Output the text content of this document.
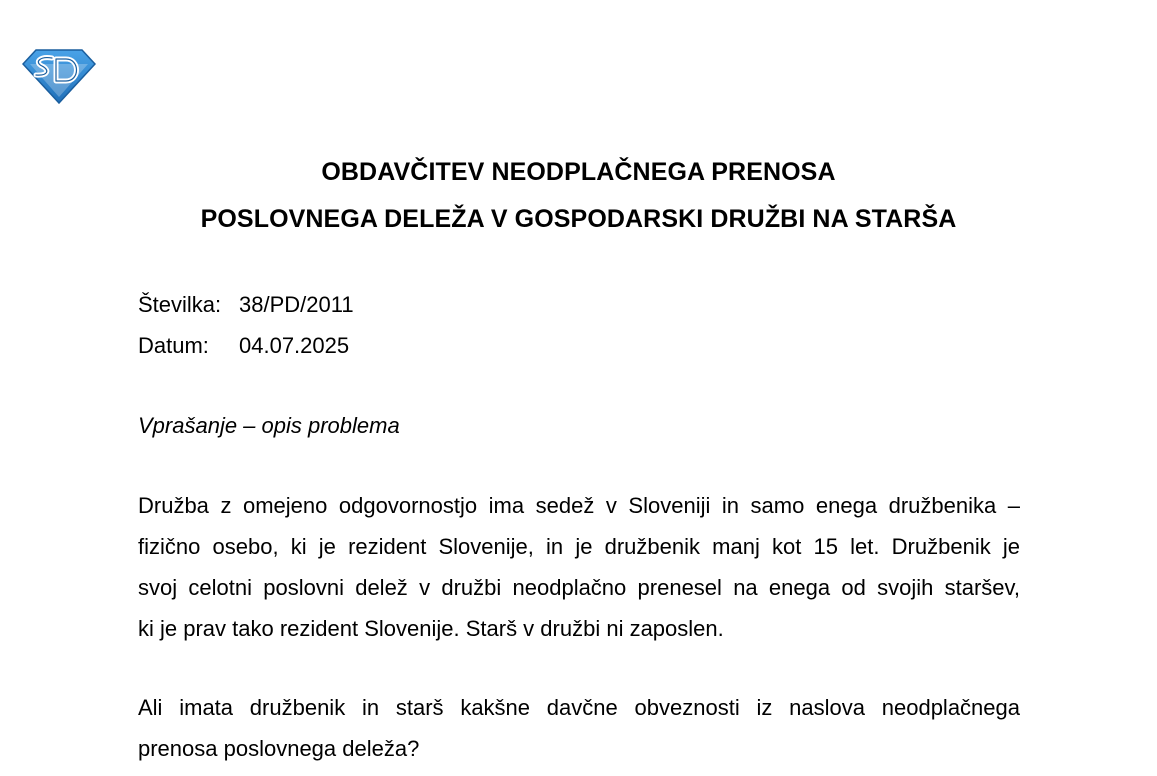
OBDAVČITEV NEODPLAČNEGA PRENOSA
POSLOVNEGA DELEŽA V GOSPODARSKI DRUŽBI NA STARŠA
Številka: 38/PD/2011
Datum: 04.07.2025
Vprašanje – opis problema
Družba z omejeno odgovornostjo ima sedež v Sloveniji in samo enega družbenika –
fizično osebo, ki je rezident Slovenije, in je družbenik manj kot 15 let. Družbenik je
svoj celotni poslovni delež v družbi neodplačno prenesel na enega od svojih staršev,
ki je prav tako rezident Slovenije. Starš v družbi ni zaposlen.
Ali imata družbenik in starš kakšne davčne obveznosti iz naslova neodplačnega
prenosa poslovnega deleža?
